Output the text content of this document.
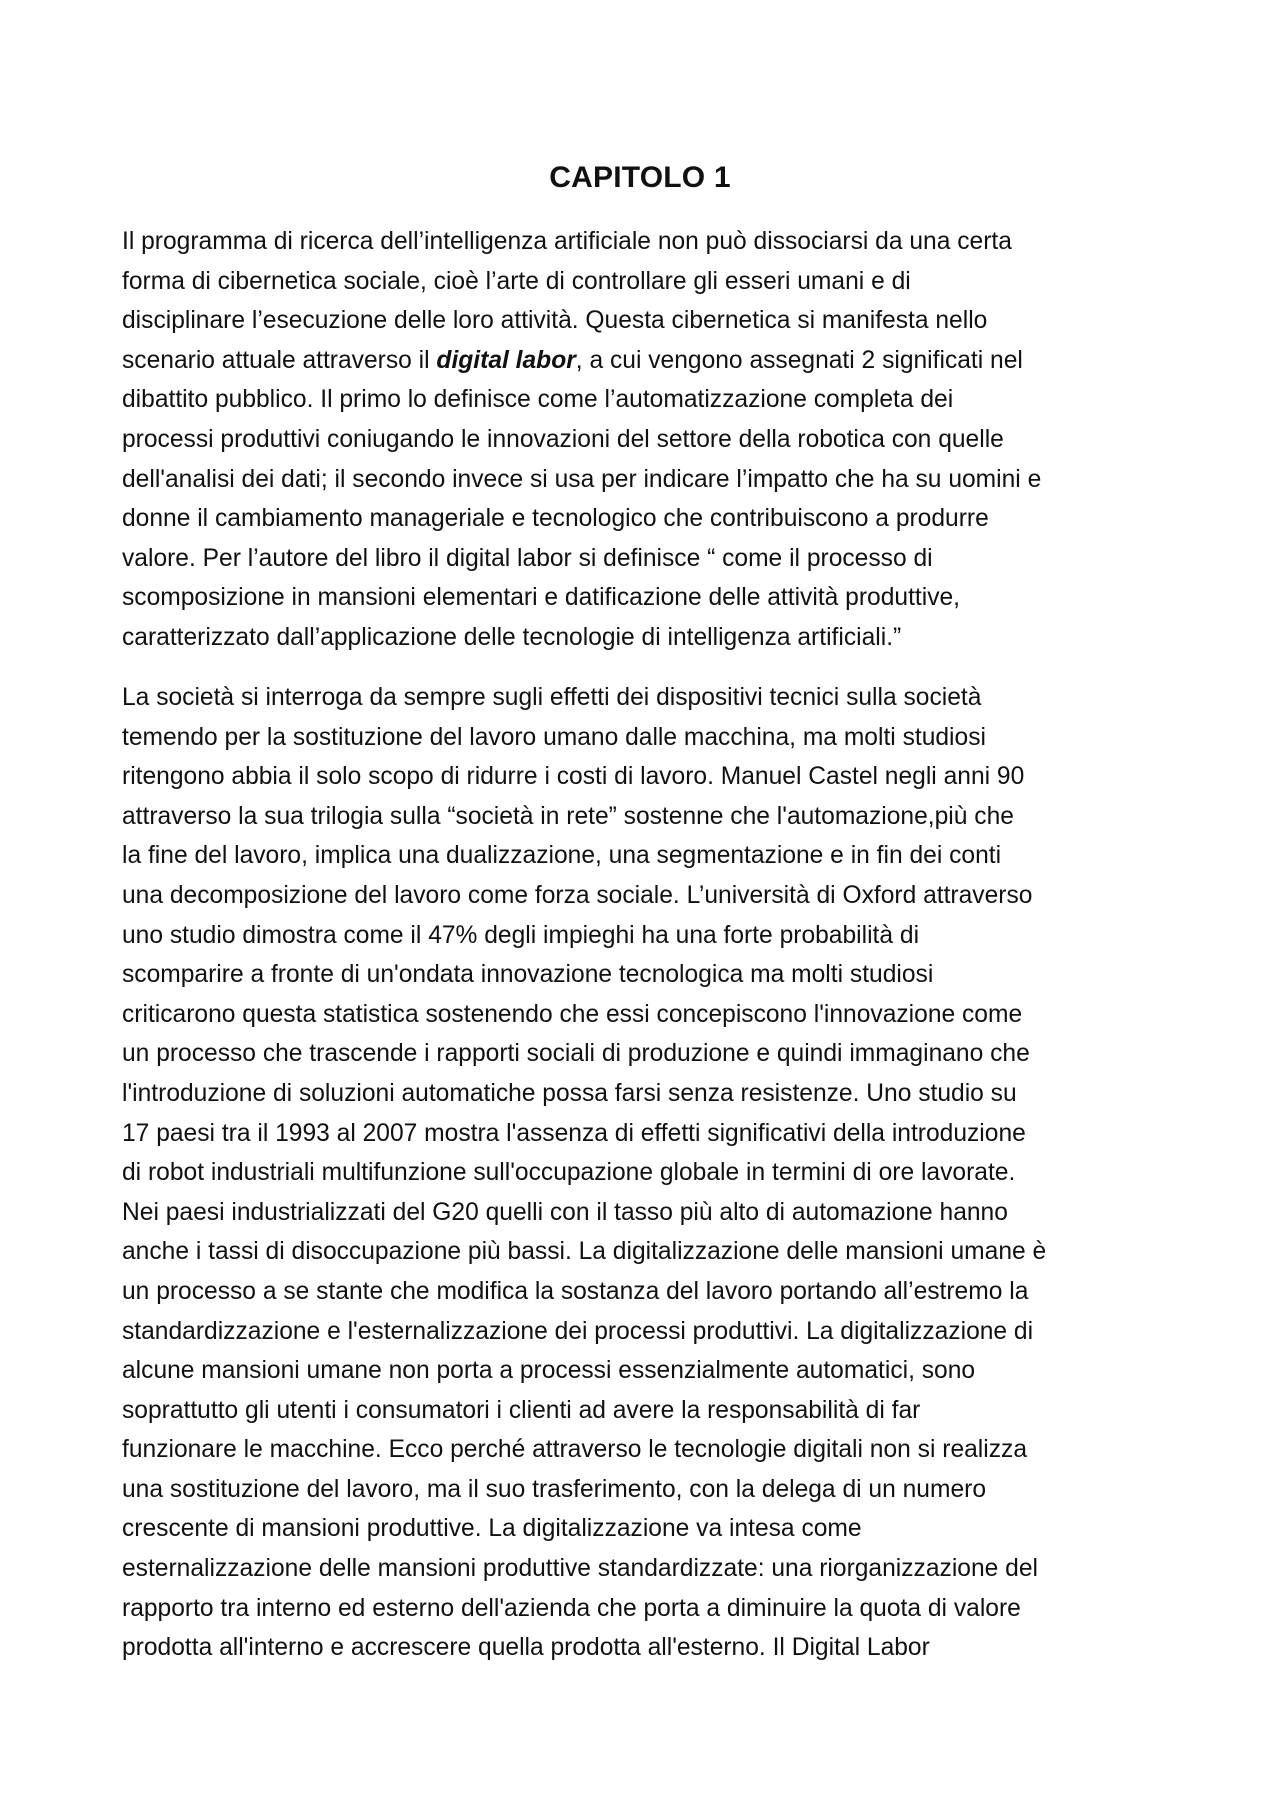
CAPITOLO 1
Il programma di ricerca dell’intelligenza artificiale non può dissociarsi da una certa
forma di cibernetica sociale, cioè l’arte di controllare gli esseri umani e di
disciplinare l’esecuzione delle loro attività. Questa cibernetica si manifesta nello
scenario attuale attraverso il digital labor, a cui vengono assegnati 2 significati nel
dibattito pubblico. Il primo lo definisce come l’automatizzazione completa dei
processi produttivi coniugando le innovazioni del settore della robotica con quelle
dell'analisi dei dati; il secondo invece si usa per indicare l’impatto che ha su uomini e
donne il cambiamento manageriale e tecnologico che contribuiscono a produrre
valore. Per l’autore del libro il digital labor si definisce “ come il processo di
scomposizione in mansioni elementari e datificazione delle attività produttive,
caratterizzato dall’applicazione delle tecnologie di intelligenza artificiali.”
La società si interroga da sempre sugli effetti dei dispositivi tecnici sulla società
temendo per la sostituzione del lavoro umano dalle macchina, ma molti studiosi
ritengono abbia il solo scopo di ridurre i costi di lavoro. Manuel Castel negli anni 90
attraverso la sua trilogia sulla “società in rete” sostenne che l'automazione,più che
la fine del lavoro, implica una dualizzazione, una segmentazione e in fin dei conti
una decomposizione del lavoro come forza sociale. L’università di Oxford attraverso
uno studio dimostra come il 47% degli impieghi ha una forte probabilità di
scomparire a fronte di un'ondata innovazione tecnologica ma molti studiosi
criticarono questa statistica sostenendo che essi concepiscono l'innovazione come
un processo che trascende i rapporti sociali di produzione e quindi immaginano che
l'introduzione di soluzioni automatiche possa farsi senza resistenze. Uno studio su
17 paesi tra il 1993 al 2007 mostra l'assenza di effetti significativi della introduzione
di robot industriali multifunzione sull'occupazione globale in termini di ore lavorate.
Nei paesi industrializzati del G20 quelli con il tasso più alto di automazione hanno
anche i tassi di disoccupazione più bassi. La digitalizzazione delle mansioni umane è
un processo a se stante che modifica la sostanza del lavoro portando all’estremo la
standardizzazione e l'esternalizzazione dei processi produttivi. La digitalizzazione di
alcune mansioni umane non porta a processi essenzialmente automatici, sono
soprattutto gli utenti i consumatori i clienti ad avere la responsabilità di far
funzionare le macchine. Ecco perché attraverso le tecnologie digitali non si realizza
una sostituzione del lavoro, ma il suo trasferimento, con la delega di un numero
crescente di mansioni produttive. La digitalizzazione va intesa come
esternalizzazione delle mansioni produttive standardizzate: una riorganizzazione del
rapporto tra interno ed esterno dell'azienda che porta a diminuire la quota di valore
prodotta all'interno e accrescere quella prodotta all'esterno. Il Digital Labor
